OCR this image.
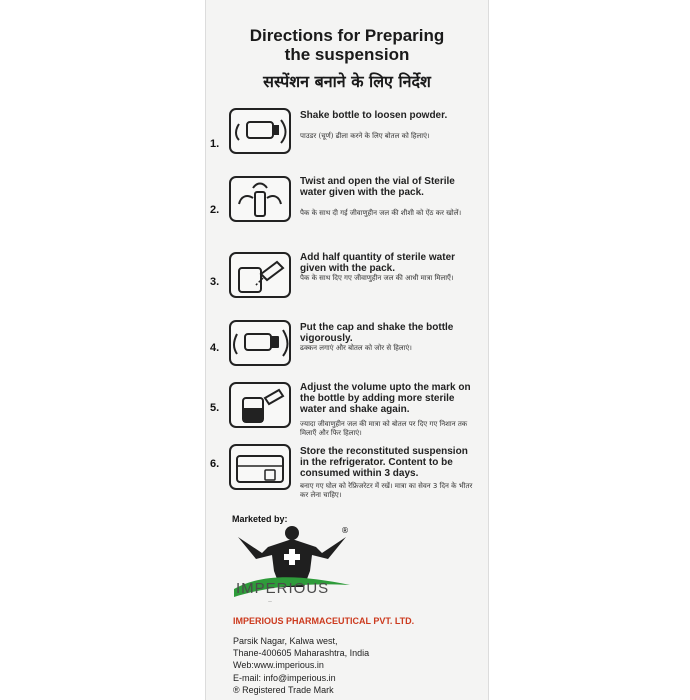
Directions for Preparing
the suspension
सस्पेंशन बनाने के लिए निर्देश
1.
Shake bottle to loosen powder.
पाउडर (चूर्ण) ढीला करने के लिए बोतल को हिलाएं।
2.
Twist and open the vial of Sterile water given with the pack.
पैक के साथ दी गई जीवाणुहीन जल की शीशी को ऐंठ कर खोलें।
3.
Add half quantity of sterile water given with the pack.
पैक के साथ दिए गए जीवाणुहीन जल की आधी मात्रा मिलाएँ।
4.
Put the cap and shake the bottle vigorously.
ढक्कन लगाएं और बोतल को जोर से हिलाएं।
5.
Adjust the volume upto the mark on the bottle by adding more sterile water and shake again.
ज्यादा जीवाणुहीन जल की मात्रा को बोतल पर दिए गए निशान तक मिलाएँ और फिर हिलाएं।
6.
Store the reconstituted suspension in the refrigerator. Content to be consumed within 3 days.
बनाए गए घोल को रेफ्रिजरेटर में रखें। मात्रा का सेवन 3 दिन के भीतर कर लेना चाहिए।
Marketed by:
®
IMPERIOUS
—
IMPERIOUS PHARMACEUTICAL PVT. LTD.
Parsik Nagar, Kalwa west,
Thane-400605 Maharashtra, India
Web:www.imperious.in
E-mail: info@imperious.in
® Registered Trade Mark
